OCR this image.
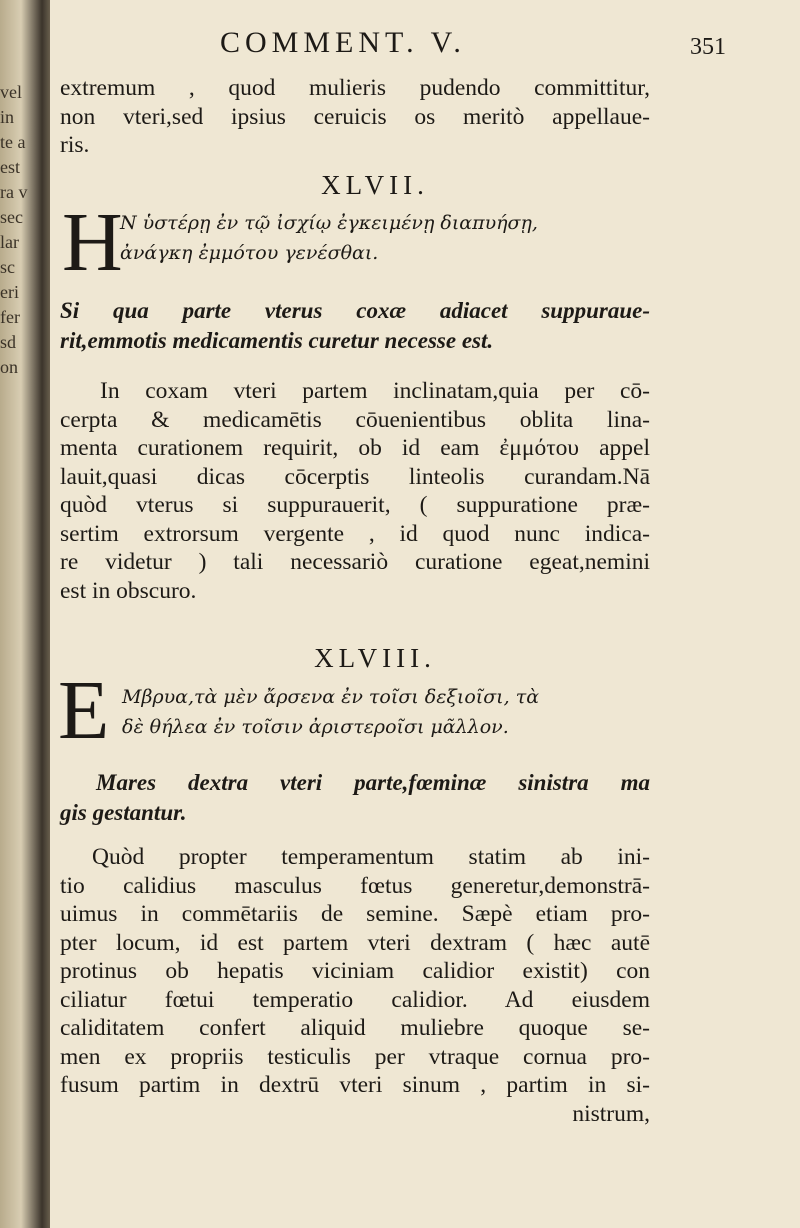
vel
in
te a
est
ra v
sec
lar
sc
eri
fer
sd
on
COMMENT. V.	351
extremum , quod mulieris pudendo committitur,
non vteri,sed ipsius ceruicis os meritò appellaue-
ris.
XLVII.
H
Ν ὑστέρῃ ἐν τῷ ἰσχίῳ ἐγκειμένῃ διαπυήσῃ,
ἀνάγκη ἐμμότου γενέσθαι.
Si qua parte vterus coxæ adiacet suppuraue-
rit,emmotis medicamentis curetur necesse est.
In coxam vteri partem inclinatam,quia per cō-
cerpta & medicamētis cōuenientibus oblita lina-
menta curationem requirit, ob id eam ἐμμότου appel
lauit,quasi dicas cōcerptis linteolis curandam.Nā
quòd vterus si suppurauerit, ( suppuratione præ-
sertim extrorsum vergente , id quod nunc indica-
re videtur ) tali necessariò curatione egeat,nemini
est in obscuro.
XLVIII.
E Μβρυα,τὰ μὲν ἄρσενα ἐν τοῖσι δεξιοῖσι, τὰ
δὲ θήλεα ἐν τοῖσιν ἀριστεροῖσι μᾶλλον.
Mares dextra vteri parte,fœminæ sinistra ma
gis gestantur.
Quòd propter temperamentum statim ab ini-
tio calidius masculus fœtus generetur,demonstrā-
uimus in commētariis de semine. Sæpè etiam pro-
pter locum, id est partem vteri dextram ( hæc autē
protinus ob hepatis viciniam calidior existit) con
ciliatur fœtui temperatio calidior. Ad eiusdem
caliditatem confert aliquid muliebre quoque se-
men ex propriis testiculis per vtraque cornua pro-
fusum partim in dextrū vteri sinum , partim in si-
nistrum,
